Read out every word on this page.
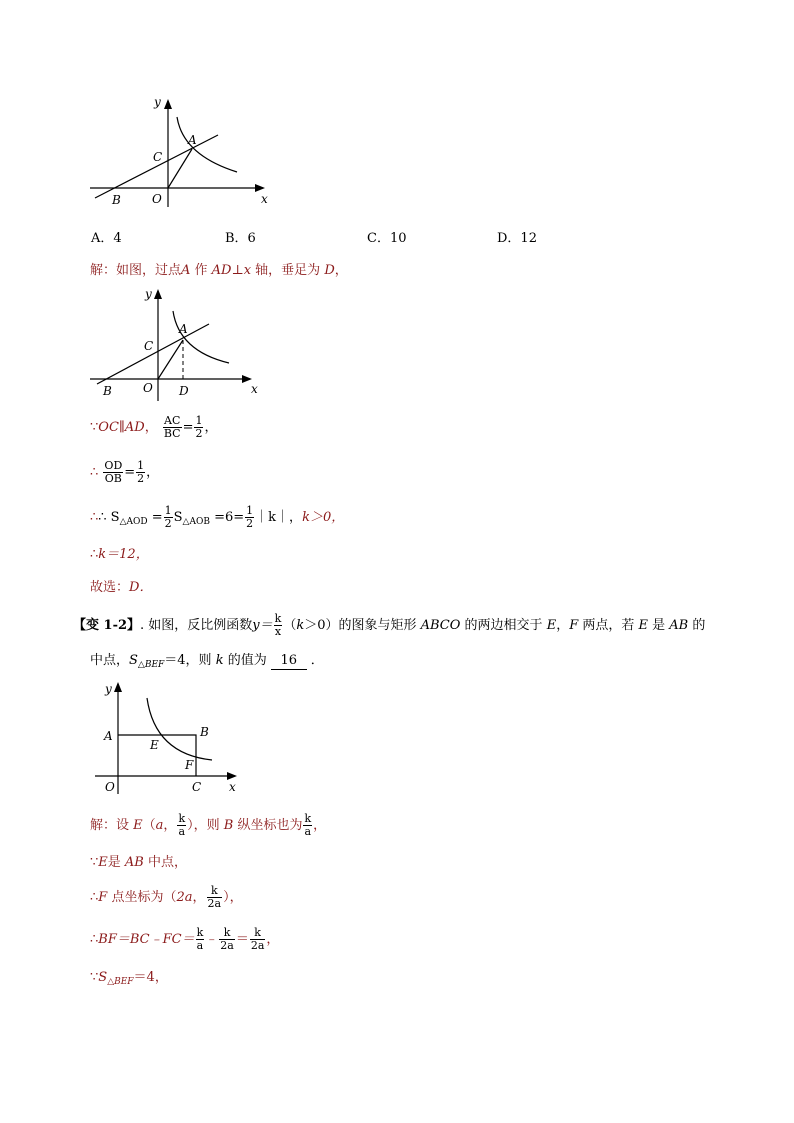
y
x
A
C
O
B
A．4	B．6	C．10	D．12
解：如图，过点A 作 AD⊥x 轴，垂足为 D，
y
x
A
C
O
B	D
∵OC∥AD， $\frac{AC}{BC} = \frac{1}{2}$ ，
∴ $\frac{OD}{OB} = \frac{1}{2}$ ，
∴∴ $S_{\triangle AOD} = \frac{1}{2} S_{\triangle AOB} =6= \frac{1}{2}$ ｜k｜，k＞0，
∴k＝12，
故选：D．
【变 1-2】. 如图，反比例函数$y= \frac{k}{x} (k>0)$的图象与矩形 ABCO 的两边相交于 E，F 两点，若 E 是 AB 的
中点，$S_{\triangle BEF}=4$，则 k 的值为 16 ．
y
x
A	B
E
F
O	C
解：设 E（a， $\frac{k}{a}$ ），则 B 纵坐标也为 $\frac{k}{a}$ ，
∵E是 AB 中点，
∴F 点坐标为（2a， $\frac{k}{2a}$ ），
∴BF＝BC﹣FC＝ $\frac{k}{a}$ ﹣ $\frac{k}{2a} = \frac{k}{2a}$ ，
$\because S_{\triangle BEF}=4$，
